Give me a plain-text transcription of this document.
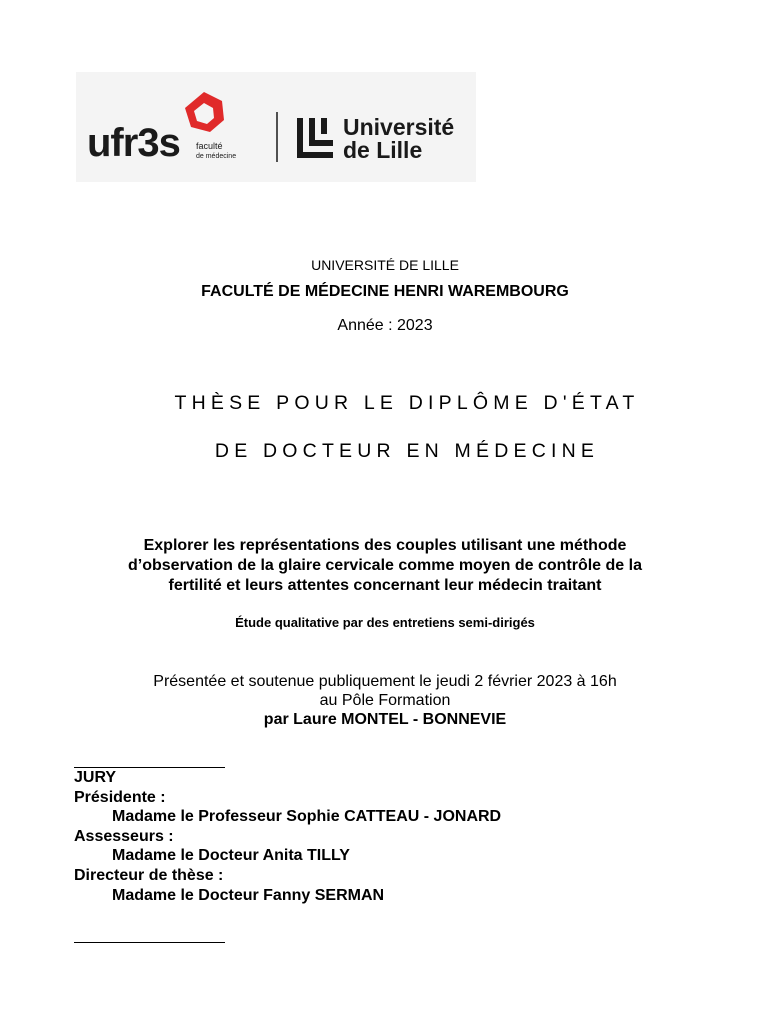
ufr3s faculté
de médecine
Université
de Lille
UNIVERSITÉ DE LILLE
FACULTÉ DE MÉDECINE HENRI WAREMBOURG
Année : 2023
THÈSE POUR LE DIPLÔME D'ÉTAT
DE DOCTEUR EN MÉDECINE
Explorer les représentations des couples utilisant une méthode
d’observation de la glaire cervicale comme moyen de contrôle de la
fertilité et leurs attentes concernant leur médecin traitant
Étude qualitative par des entretiens semi-dirigés
Présentée et soutenue publiquement le jeudi 2 février 2023 à 16h
au Pôle Formation
par Laure MONTEL - BONNEVIE
JURY
Présidente :
Madame le Professeur Sophie CATTEAU - JONARD
Assesseurs :
Madame le Docteur Anita TILLY
Directeur de thèse :
Madame le Docteur Fanny SERMAN
